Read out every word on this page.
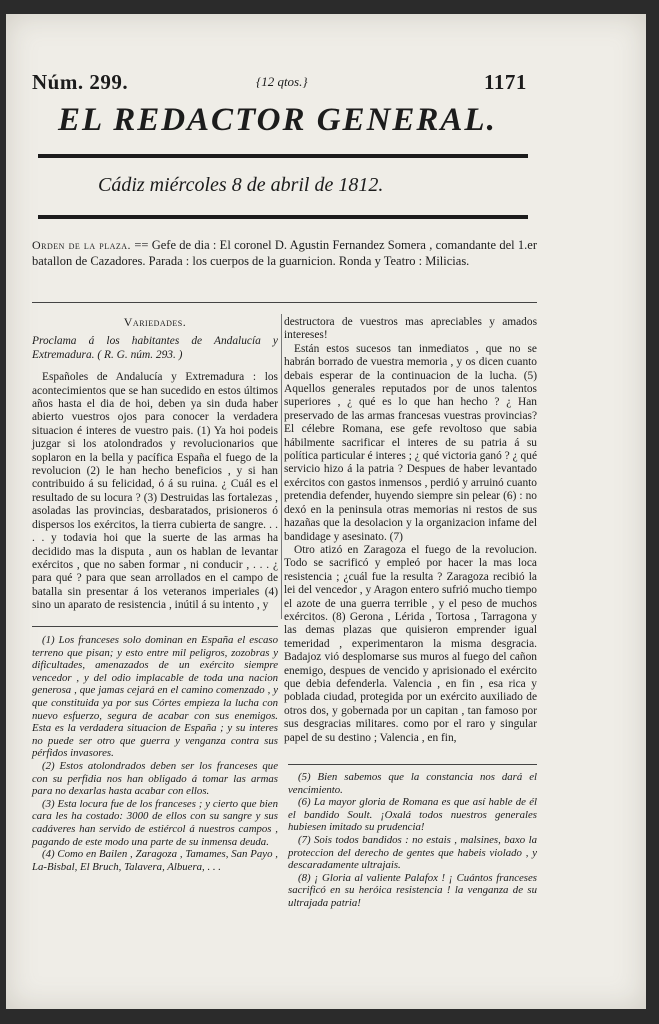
Núm. 299.	{12 qtos.}	1171
EL REDACTOR GENERAL.
Cádiz miércoles 8 de abril de 1812.
Orden de la plaza. == Gefe de dia : El coronel D. Agustin Fernandez Somera , comandante del 1.er batallon de Cazadores. Parada : los cuerpos de la guarnicion. Ronda y Teatro : Milicias.
Variedades.

Proclama á los habitantes de Andalucía y Extremadura. ( R. G. núm. 293. )

Españoles de Andalucía y Extremadura : los acontecimientos que se han sucedido en estos últimos años hasta el dia de hoi, deben ya sin duda haber abierto vuestros ojos para conocer la verdadera situacion é interes de vuestro pais. (1) Ya hoi podeis juzgar si los atolondrados y revolucionarios que soplaron en la bella y pacífica España el fuego de la revolucion (2) le han hecho beneficios , y si han contribuido á su felicidad, ó á su ruina. ¿ Cuál es el resultado de su locura ? (3) Destruidas las fortalezas , asoladas las provincias, desbaratados, prisioneros ó dispersos los exércitos, la tierra cubierta de sangre. . . . . y todavia hoi que la suerte de las armas ha decidido mas la disputa , aun os hablan de levantar exércitos , que no saben formar , ni conducir , . . . ¿ para qué ? para que sean arrollados en el campo de batalla sin presentar á los veteranos imperiales (4) sino un aparato de resistencia , inútil á su intento , y

destructora de vuestros mas apreciables y amados intereses!

Están estos sucesos tan inmediatos , que no se habrán borrado de vuestra memoria , y os dicen cuanto debais esperar de la continuacion de la lucha. (5) Aquellos generales reputados por de unos talentos superiores , ¿ qué es lo que han hecho ? ¿ Han preservado de las armas francesas vuestras provincias? El célebre Romana, ese gefe revoltoso que sabia hábilmente sacrificar el interes de su patria á su política particular é interes ; ¿ qué victoria ganó ? ¿ qué servicio hizo á la patria ? Despues de haber levantado exércitos con gastos inmensos , perdió y arruinó cuanto pretendia defender, huyendo siempre sin pelear (6) : no dexó en la peninsula otras memorias ni restos de sus hazañas que la desolacion y la organizacion infame del bandidage y asesinato. (7)

Otro atizó en Zaragoza el fuego de la revolucion. Todo se sacrificó y empleó por hacer la mas loca resistencia ; ¿cuál fue la resulta ? Zaragoza recibió la lei del vencedor , y Aragon entero sufrió mucho tiempo el azote de una guerra terrible , y el peso de muchos exércitos. (8) Gerona , Lérida , Tortosa , Tarragona y las demas plazas que quisieron emprender igual temeridad , experimentaron la misma desgracia. Badajoz vió desplomarse sus muros al fuego del cañon enemigo, despues de vencido y aprisionado el exército que debia defenderla. Valencia , en fin , esa rica y poblada ciudad, protegida por un exército auxiliado de otros dos, y gobernada por un capitan , tan famoso por sus desgracias militares. como por el raro y singular papel de su destino ; Valencia , en fin,

(1) Los franceses solo dominan en España el escaso terreno que pisan; y esto entre mil peligros, zozobras y dificultades, amenazados de un exército siempre vencedor , y del odio implacable de toda una nacion generosa , que jamas cejará en el camino comenzado , y que constituida ya por sus Córtes empieza la lucha con nuevo esfuerzo, segura de acabar con sus enemigos. Esta es la verdadera situacion de España ; y su interes no puede ser otro que guerra y venganza contra sus pérfidos invasores.

(2) Estos atolondrados deben ser los franceses que con su perfidia nos han obligado á tomar las armas para no dexarlas hasta acabar con ellos.

(3) Esta locura fue de los franceses ; y cierto que bien cara les ha costado: 3000 de ellos con su sangre y sus cadáveres han servido de estiércol á nuestros campos , pagando de este modo una parte de su inmensa deuda.

(4) Como en Bailen , Zaragoza , Tamames, San Payo , La-Bisbal, El Bruch, Talavera, Albuera, . . .

(5) Bien sabemos que la constancia nos dará el vencimiento.

(6) La mayor gloria de Romana es que así hable de él el bandido Soult. ¡Oxalá todos nuestros generales hubiesen imitado su prudencia!

(7) Sois todos bandidos : no estais , malsines, baxo la proteccion del derecho de gentes que habeis violado , y descaradamente ultrajais.

(8) ¡ Gloria al valiente Palafox ! ¡ Cuántos franceses sacrificó en su heróica resistencia ! la venganza de su ultrajada patria!
